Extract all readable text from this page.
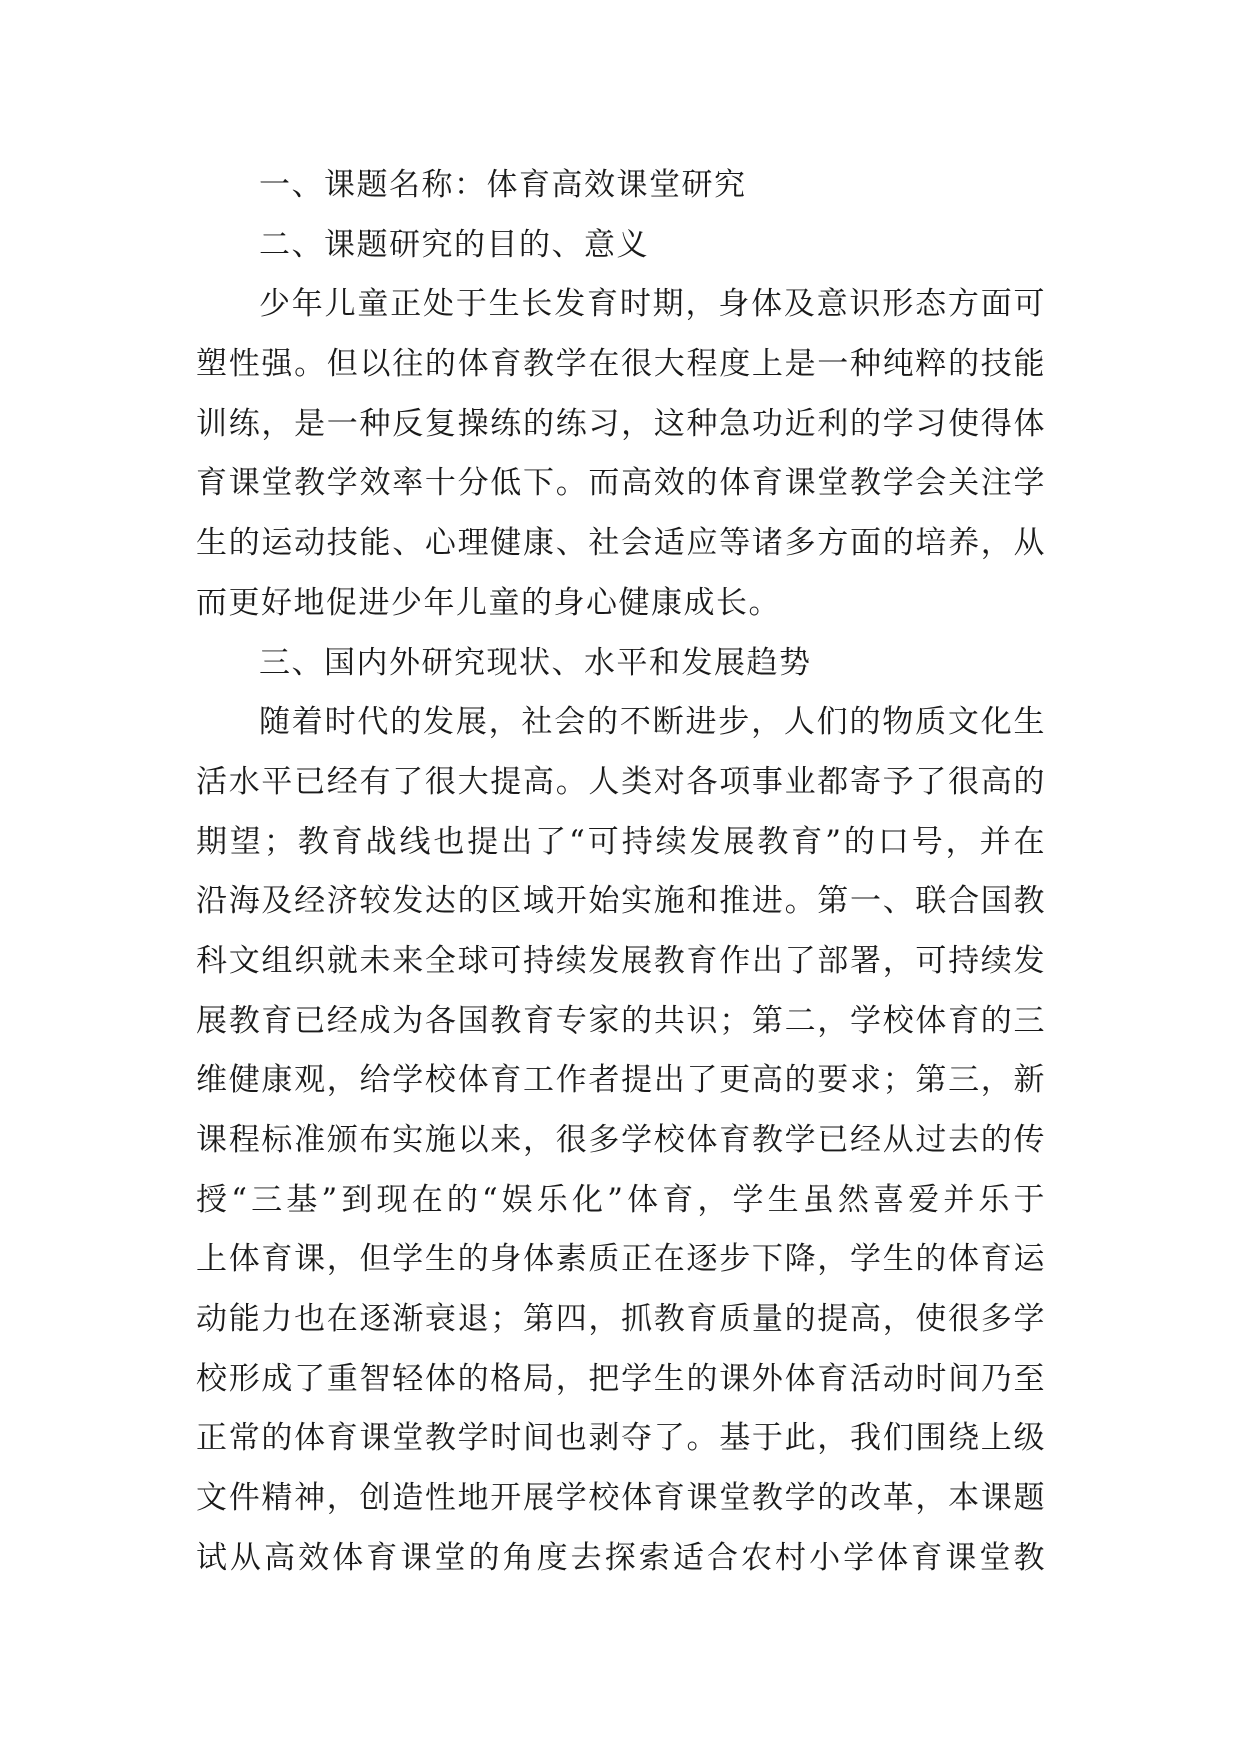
一、课题名称：体育高效课堂研究
二、课题研究的目的、意义
少年儿童正处于生长发育时期，身体及意识形态方面可
塑性强。但以往的体育教学在很大程度上是一种纯粹的技能
训练，是一种反复操练的练习，这种急功近利的学习使得体
育课堂教学效率十分低下。而高效的体育课堂教学会关注学
生的运动技能、心理健康、社会适应等诸多方面的培养，从
而更好地促进少年儿童的身心健康成长。
三、国内外研究现状、水平和发展趋势
随着时代的发展，社会的不断进步，人们的物质文化生
活水平已经有了很大提高。人类对各项事业都寄予了很高的
期望；教育战线也提出了“可持续发展教育”的口号，并在
沿海及经济较发达的区域开始实施和推进。第一、联合国教
科文组织就未来全球可持续发展教育作出了部署，可持续发
展教育已经成为各国教育专家的共识；第二，学校体育的三
维健康观，给学校体育工作者提出了更高的要求；第三，新
课程标准颁布实施以来，很多学校体育教学已经从过去的传
授“三基”到现在的“娱乐化”体育，学生虽然喜爱并乐于
上体育课，但学生的身体素质正在逐步下降，学生的体育运
动能力也在逐渐衰退；第四，抓教育质量的提高，使很多学
校形成了重智轻体的格局，把学生的课外体育活动时间乃至
正常的体育课堂教学时间也剥夺了。基于此，我们围绕上级
文件精神，创造性地开展学校体育课堂教学的改革，本课题
试从高效体育课堂的角度去探索适合农村小学体育课堂教
